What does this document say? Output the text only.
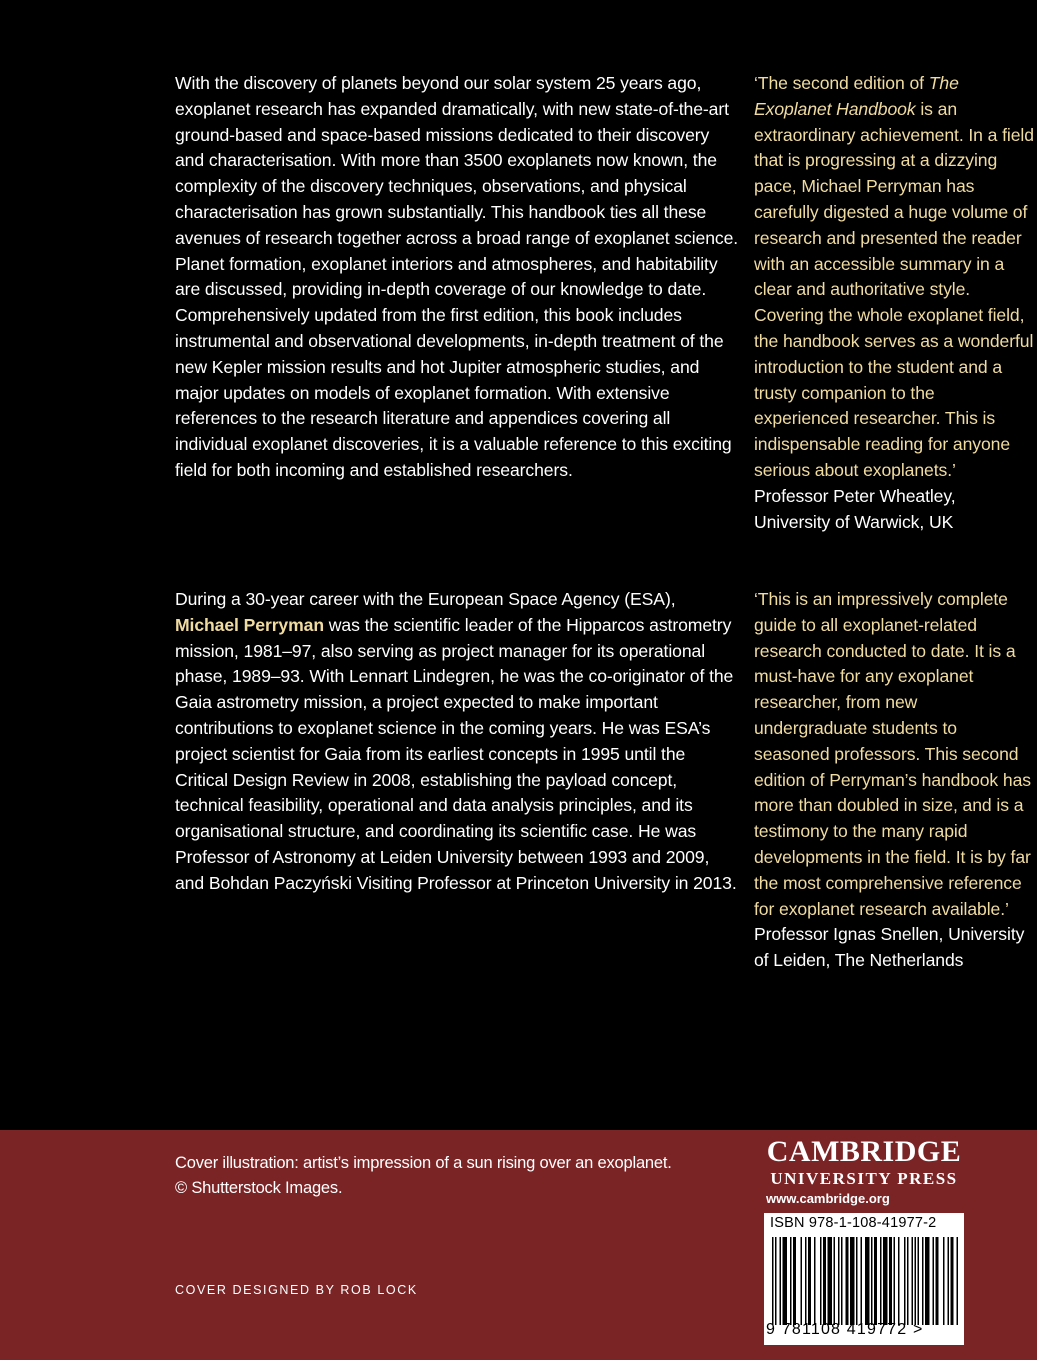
With the discovery of planets beyond our solar system 25 years ago, exoplanet research has expanded dramatically, with new state-of-the-art ground-based and space-based missions dedicated to their discovery and characterisation. With more than 3500 exoplanets now known, the complexity of the discovery techniques, observations, and physical characterisation has grown substantially. This handbook ties all these avenues of research together across a broad range of exoplanet science. Planet formation, exoplanet interiors and atmospheres, and habitability are discussed, providing in-depth coverage of our knowledge to date. Comprehensively updated from the first edition, this book includes instrumental and observational developments, in-depth treatment of the new Kepler mission results and hot Jupiter atmospheric studies, and major updates on models of exoplanet formation. With extensive references to the research literature and appendices covering all individual exoplanet discoveries, it is a valuable reference to this exciting field for both incoming and established researchers.

During a 30-year career with the European Space Agency (ESA), Michael Perryman was the scientific leader of the Hipparcos astrometry mission, 1981–97, also serving as project manager for its operational phase, 1989–93. With Lennart Lindegren, he was the co-originator of the Gaia astrometry mission, a project expected to make important contributions to exoplanet science in the coming years. He was ESA’s project scientist for Gaia from its earliest concepts in 1995 until the Critical Design Review in 2008, establishing the payload concept, technical feasibility, operational and data analysis principles, and its organisational structure, and coordinating its scientific case. He was Professor of Astronomy at Leiden University between 1993 and 2009, and Bohdan Paczyński Visiting Professor at Princeton University in 2013.

‘The second edition of The Exoplanet Handbook is an extraordinary achievement. In a field that is progressing at a dizzying pace, Michael Perryman has carefully digested a huge volume of research and presented the reader with an accessible summary in a clear and authoritative style. Covering the whole exoplanet field, the handbook serves as a wonderful introduction to the student and a trusty companion to the experienced researcher. This is indispensable reading for anyone serious about exoplanets.’
Professor Peter Wheatley, University of Warwick, UK

‘This is an impressively complete guide to all exoplanet-related research conducted to date. It is a must-have for any exoplanet researcher, from new undergraduate students to seasoned professors. This second edition of Perryman’s handbook has more than doubled in size, and is a testimony to the many rapid developments in the field. It is by far the most comprehensive reference for exoplanet research available.’
Professor Ignas Snellen, University of Leiden, The Netherlands

Cover illustration: artist’s impression of a sun rising over an exoplanet.
© Shutterstock Images.
COVER DESIGNED BY ROB LOCK
CAMBRIDGE
UNIVERSITY PRESS
www.cambridge.org
ISBN 978-1-108-41977-2
9 781108 419772 >
